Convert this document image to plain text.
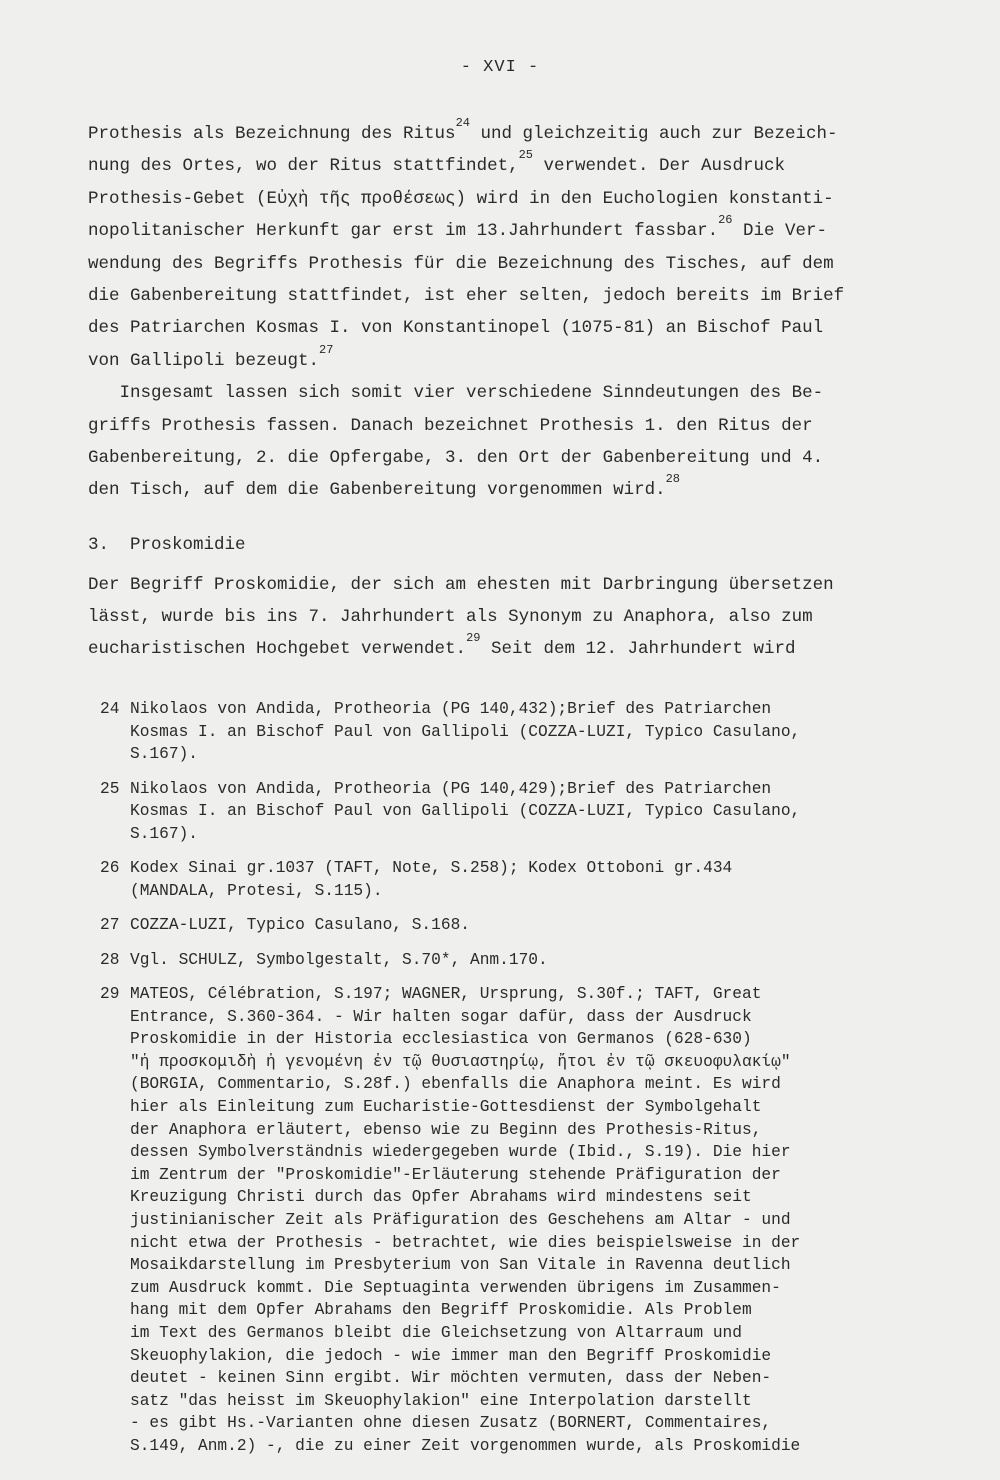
- XVI -
Prothesis als Bezeichnung des Ritus$^{24}$ und gleichzeitig auch zur Bezeich-
nung des Ortes, wo der Ritus stattfindet,$^{25}$ verwendet. Der Ausdruck
Prothesis-Gebet (Εὐχὴ τῆς προθέσεως) wird in den Euchologien konstanti-
nopolitanischer Herkunft gar erst im 13.Jahrhundert fassbar.$^{26}$ Die Ver-
wendung des Begriffs Prothesis für die Bezeichnung des Tisches, auf dem
die Gabenbereitung stattfindet, ist eher selten, jedoch bereits im Brief
des Patriarchen Kosmas I. von Konstantinopel (1075-81) an Bischof Paul
von Gallipoli bezeugt.$^{27}$
Insgesamt lassen sich somit vier verschiedene Sinndeutungen des Be-
griffs Prothesis fassen. Danach bezeichnet Prothesis 1. den Ritus der
Gabenbereitung, 2. die Opfergabe, 3. den Ort der Gabenbereitung und 4.
den Tisch, auf dem die Gabenbereitung vorgenommen wird.$^{28}$
3.  Proskomidie
Der Begriff Proskomidie, der sich am ehesten mit Darbringung übersetzen
lässt, wurde bis ins 7. Jahrhundert als Synonym zu Anaphora, also zum
eucharistischen Hochgebet verwendet.$^{29}$ Seit dem 12. Jahrhundert wird
24 Nikolaos von Andida, Protheoria (PG 140,432);Brief des Patriarchen
Kosmas I. an Bischof Paul von Gallipoli (COZZA-LUZI, Typico Casulano,
S.167).
25 Nikolaos von Andida, Protheoria (PG 140,429);Brief des Patriarchen
Kosmas I. an Bischof Paul von Gallipoli (COZZA-LUZI, Typico Casulano,
S.167).
26 Kodex Sinai gr.1037 (TAFT, Note, S.258); Kodex Ottoboni gr.434
(MANDALA, Protesi, S.115).
27 COZZA-LUZI, Typico Casulano, S.168.
28 Vgl. SCHULZ, Symbolgestalt, S.70*, Anm.170.
29 MATEOS, Célébration, S.197; WAGNER, Ursprung, S.30f.; TAFT, Great
Entrance, S.360-364. - Wir halten sogar dafür, dass der Ausdruck
Proskomidie in der Historia ecclesiastica von Germanos (628-630)
"ἡ προσκομιδὴ ἡ γενομένη ἐν τῷ θυσιαστηρίῳ, ἤτοι ἐν τῷ σκευοφυλακίῳ"
(BORGIA, Commentario, S.28f.) ebenfalls die Anaphora meint. Es wird
hier als Einleitung zum Eucharistie-Gottesdienst der Symbolgehalt
der Anaphora erläutert, ebenso wie zu Beginn des Prothesis-Ritus,
dessen Symbolverständnis wiedergegeben wurde (Ibid., S.19). Die hier
im Zentrum der "Proskomidie"-Erläuterung stehende Präfiguration der
Kreuzigung Christi durch das Opfer Abrahams wird mindestens seit
justinianischer Zeit als Präfiguration des Geschehens am Altar - und
nicht etwa der Prothesis - betrachtet, wie dies beispielsweise in der
Mosaikdarstellung im Presbyterium von San Vitale in Ravenna deutlich
zum Ausdruck kommt. Die Septuaginta verwenden übrigens im Zusammen-
hang mit dem Opfer Abrahams den Begriff Proskomidie. Als Problem
im Text des Germanos bleibt die Gleichsetzung von Altarraum und
Skeuophylakion, die jedoch - wie immer man den Begriff Proskomidie
deutet - keinen Sinn ergibt. Wir möchten vermuten, dass der Neben-
satz "das heisst im Skeuophylakion" eine Interpolation darstellt
- es gibt Hs.-Varianten ohne diesen Zusatz (BORNERT, Commentaires,
S.149, Anm.2) -, die zu einer Zeit vorgenommen wurde, als Proskomidie
